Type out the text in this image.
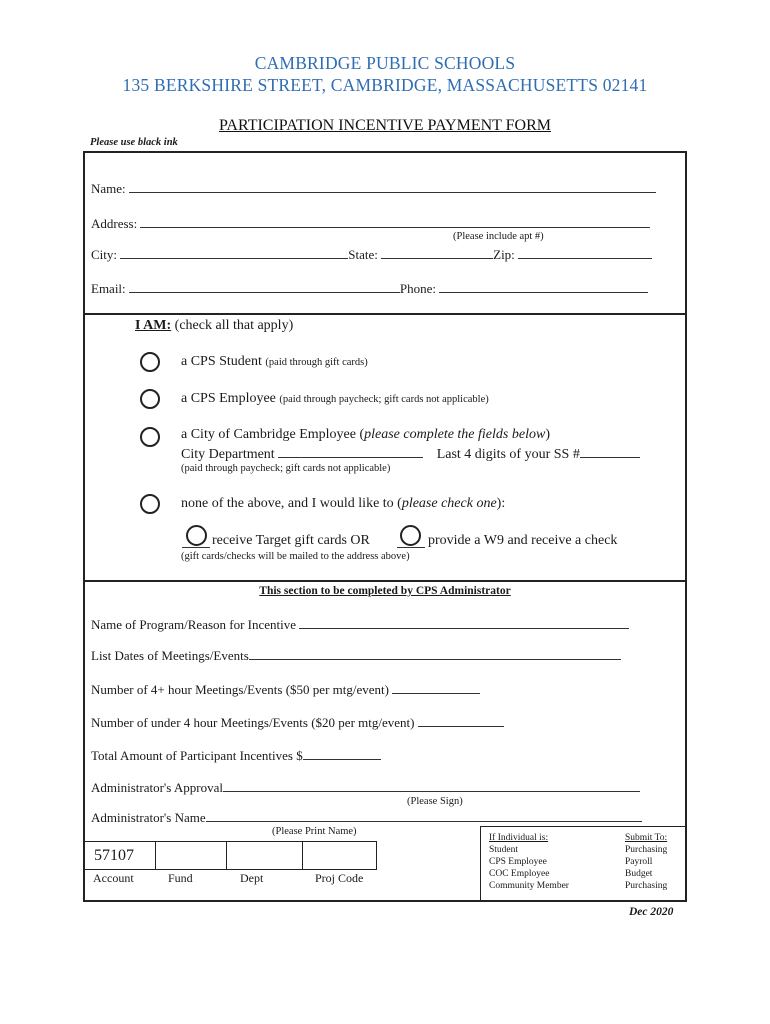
CAMBRIDGE PUBLIC SCHOOLS
135 BERKSHIRE STREET, CAMBRIDGE, MASSACHUSETTS 02141
PARTICIPATION INCENTIVE PAYMENT FORM
Please use black ink
Name:
Address:
(Please include apt #)
City:	State:	Zip:
Email:	Phone:
I AM: (check all that apply)
a CPS Student (paid through gift cards)
a CPS Employee (paid through paycheck; gift cards not applicable)
a City of Cambridge Employee (please complete the fields below)
City Department	Last 4 digits of your SS #
(paid through paycheck; gift cards not applicable)
none of the above, and I would like to (please check one):
receive Target gift cards OR	provide a W9 and receive a check
(gift cards/checks will be mailed to the address above)
This section to be completed by CPS Administrator
Name of Program/Reason for Incentive
List Dates of Meetings/Events
Number of 4+ hour Meetings/Events ($50 per mtg/event)
Number of under 4 hour Meetings/Events ($20 per mtg/event)
Total Amount of Participant Incentives $
Administrator's Approval
(Please Sign)
Administrator's Name
(Please Print Name)
57107
Account	Fund	Dept	Proj Code
If Individual is:	Submit To:
Student	Purchasing
CPS Employee	Payroll
COC Employee	Budget
Community Member	Purchasing
Dec 2020
